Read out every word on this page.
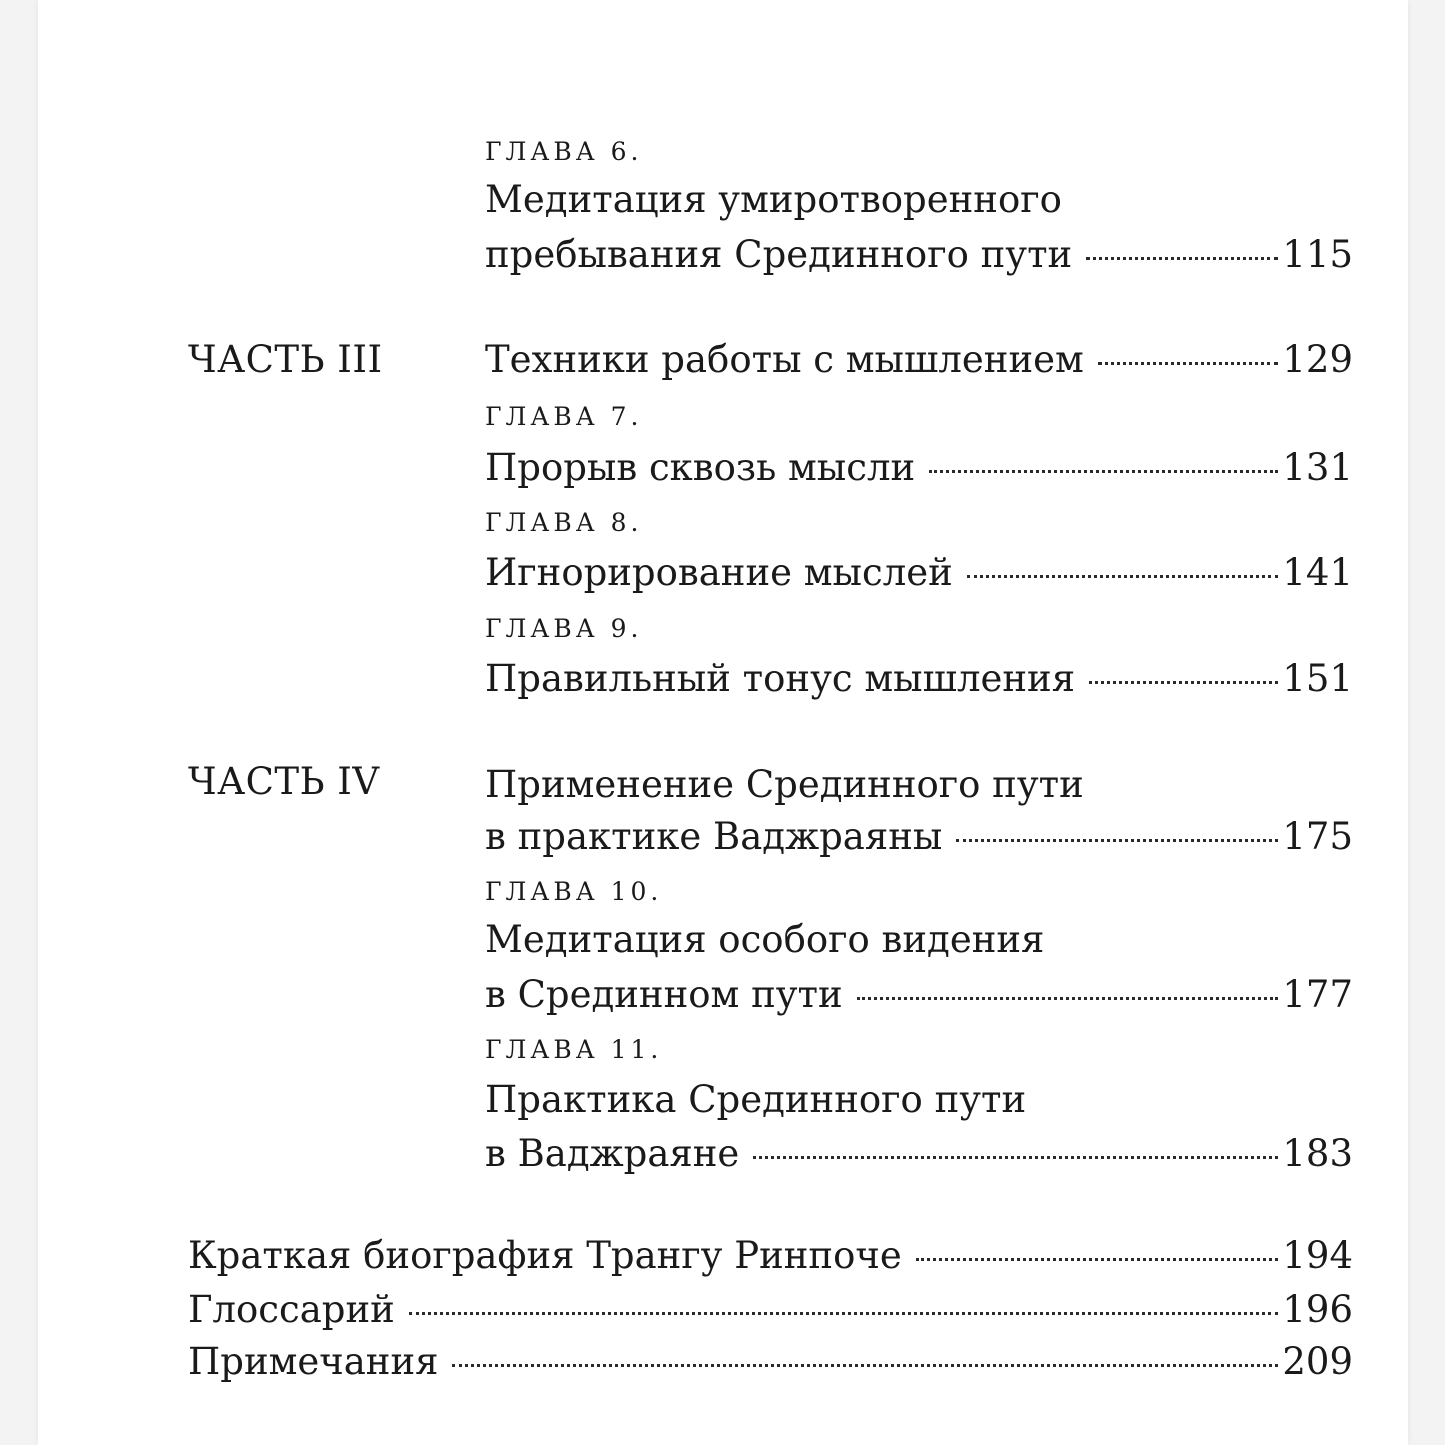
ГЛАВА 6.
Медитация умиротворенного
пребывания Срединного пути	115
ЧАСТЬ III	Техники работы с мышлением	129
ГЛАВА 7.
Прорыв сквозь мысли	131
ГЛАВА 8.
Игнорирование мыслей	141
ГЛАВА 9.
Правильный тонус мышления	151
ЧАСТЬ IV	Применение Срединного пути
в практике Ваджраяны	175
ГЛАВА 10.
Медитация особого видения
в Срединном пути	177
ГЛАВА 11.
Практика Срединного пути
в Ваджраяне	183
Краткая биография Трангу Ринпоче	194
Глоссарий	196
Примечания	209
